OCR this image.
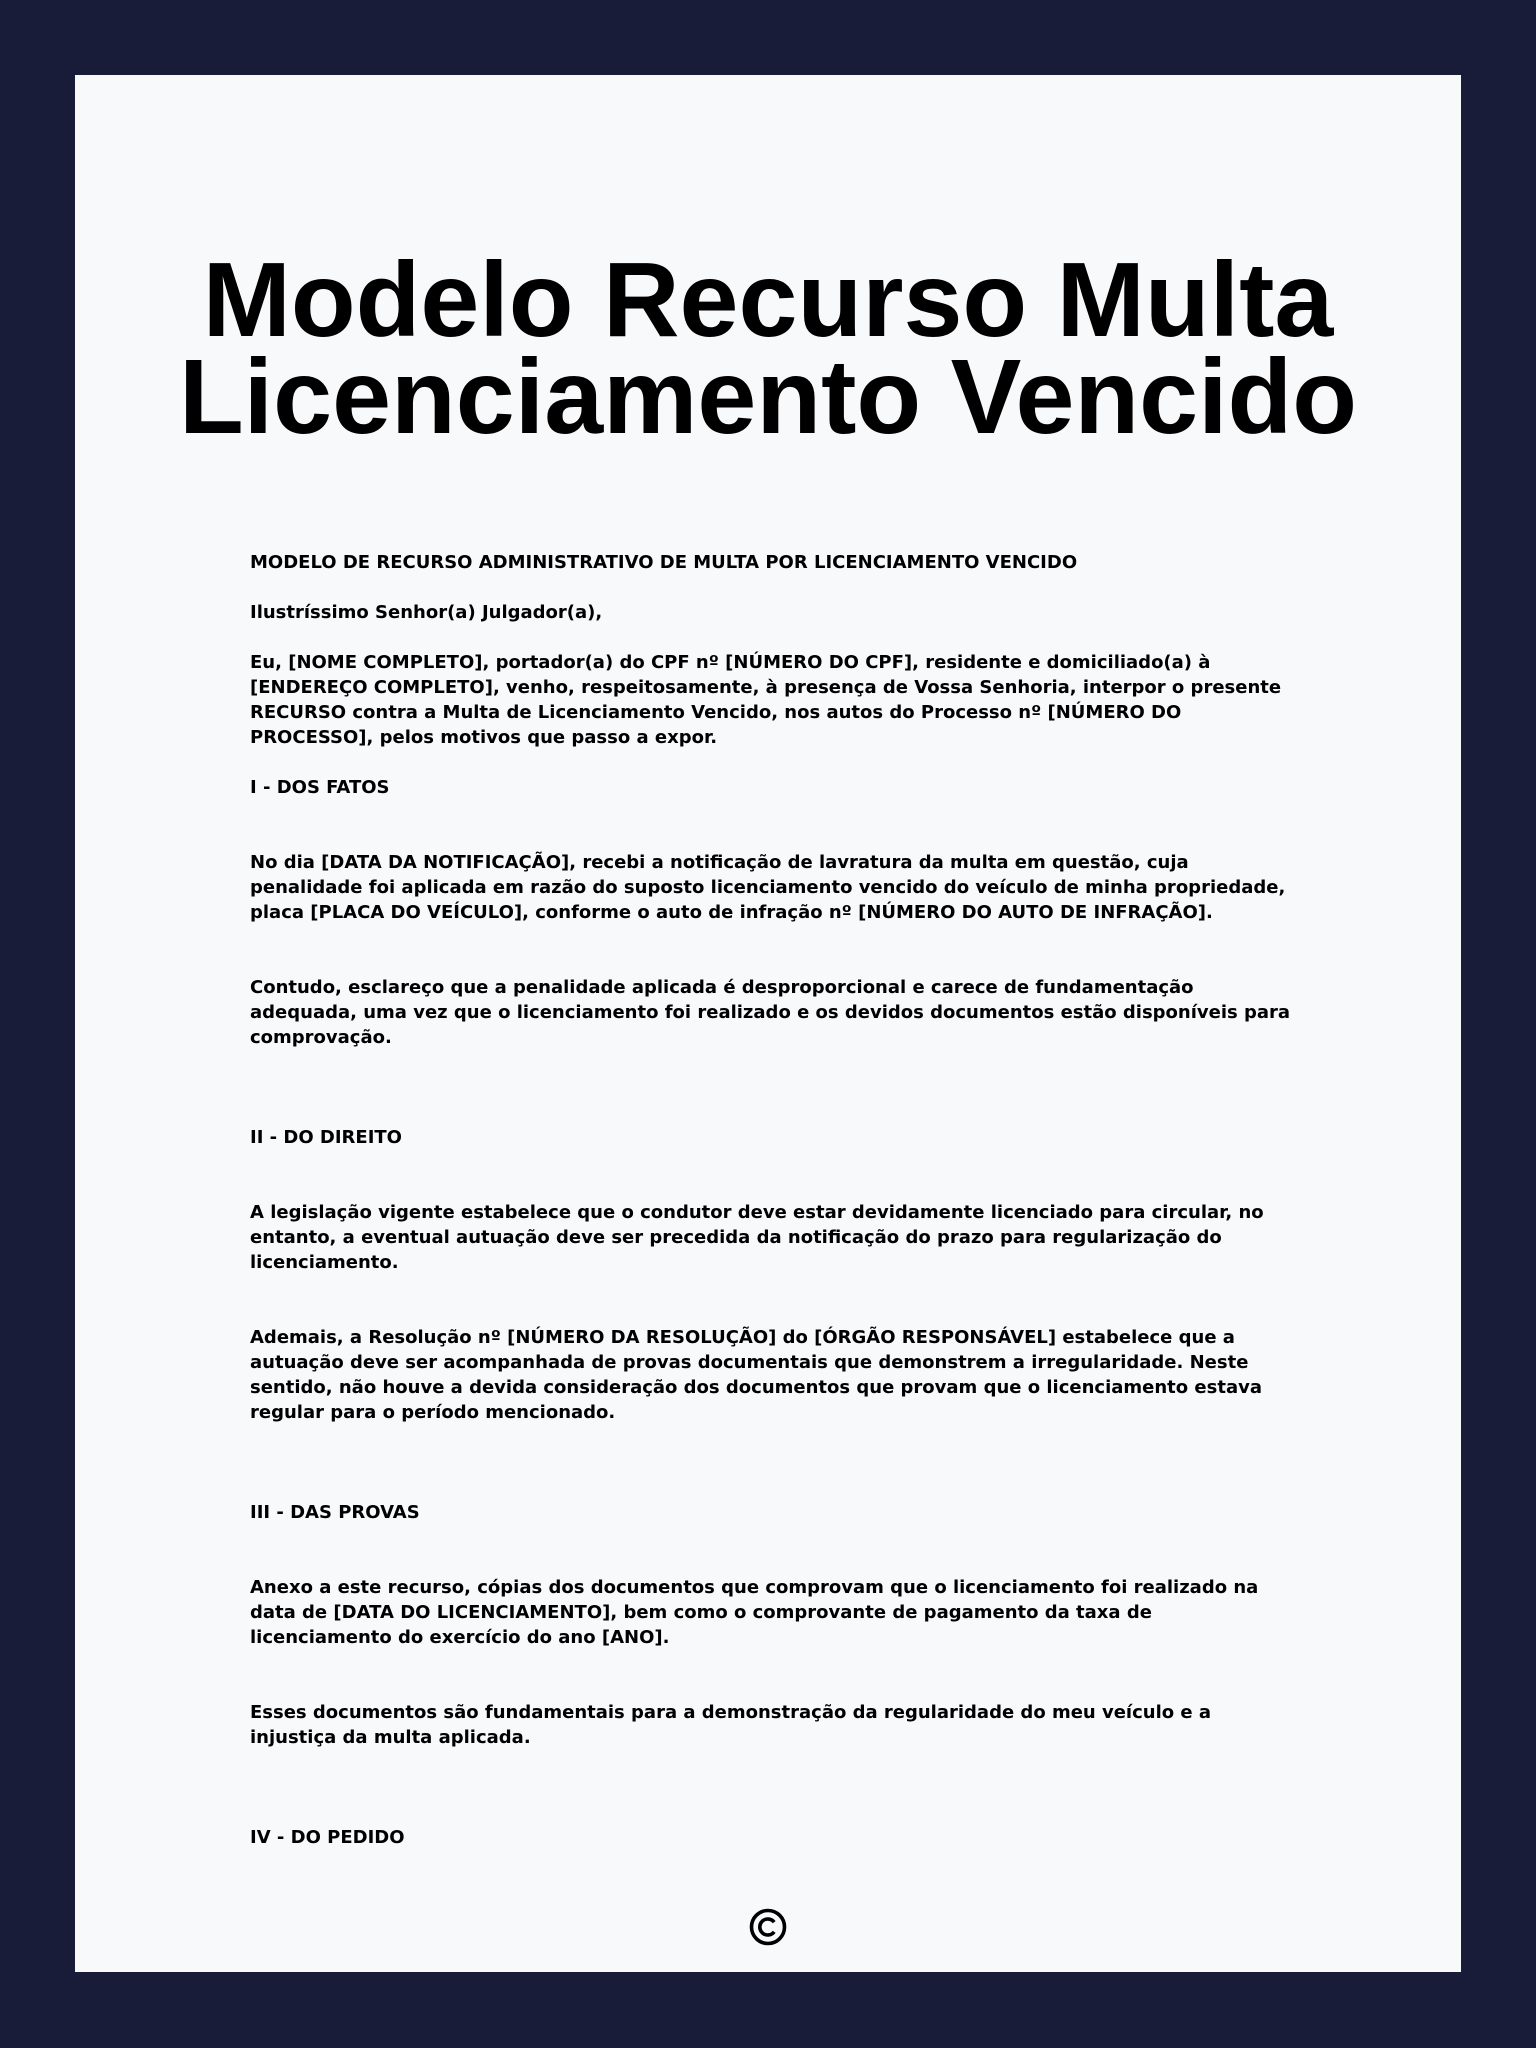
Modelo Recurso Multa
Licenciamento Vencido

MODELO DE RECURSO ADMINISTRATIVO DE MULTA POR LICENCIAMENTO VENCIDO

Ilustríssimo Senhor(a) Julgador(a),

Eu, [NOME COMPLETO], portador(a) do CPF nº [NÚMERO DO CPF], residente e domiciliado(a) à [ENDEREÇO COMPLETO], venho, respeitosamente, à presença de Vossa Senhoria, interpor o presente RECURSO contra a Multa de Licenciamento Vencido, nos autos do Processo nº [NÚMERO DO PROCESSO], pelos motivos que passo a expor.

I - DOS FATOS

No dia [DATA DA NOTIFICAÇÃO], recebi a notificação de lavratura da multa em questão, cuja penalidade foi aplicada em razão do suposto licenciamento vencido do veículo de minha propriedade, placa [PLACA DO VEÍCULO], conforme o auto de infração nº [NÚMERO DO AUTO DE INFRAÇÃO].

Contudo, esclareço que a penalidade aplicada é desproporcional e carece de fundamentação adequada, uma vez que o licenciamento foi realizado e os devidos documentos estão disponíveis para comprovação.

II - DO DIREITO

A legislação vigente estabelece que o condutor deve estar devidamente licenciado para circular, no entanto, a eventual autuação deve ser precedida da notificação do prazo para regularização do licenciamento.

Ademais, a Resolução nº [NÚMERO DA RESOLUÇÃO] do [ÓRGÃO RESPONSÁVEL] estabelece que a autuação deve ser acompanhada de provas documentais que demonstrem a irregularidade. Neste sentido, não houve a devida consideração dos documentos que provam que o licenciamento estava regular para o período mencionado.

III - DAS PROVAS

Anexo a este recurso, cópias dos documentos que comprovam que o licenciamento foi realizado na data de [DATA DO LICENCIAMENTO], bem como o comprovante de pagamento da taxa de licenciamento do exercício do ano [ANO].

Esses documentos são fundamentais para a demonstração da regularidade do meu veículo e a injustiça da multa aplicada.

IV - DO PEDIDO
